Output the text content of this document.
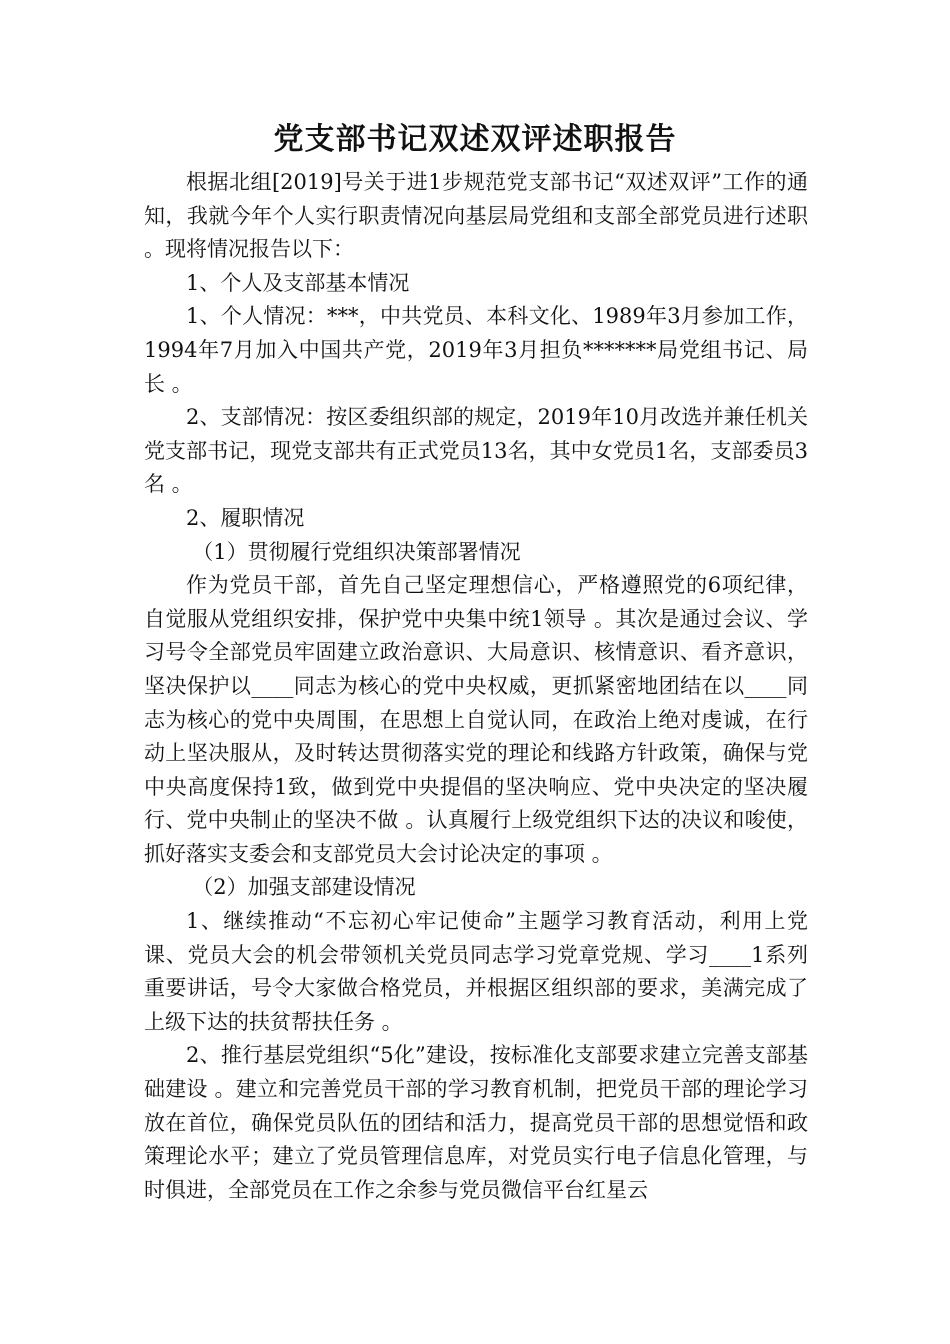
党支部书记双述双评述职报告

根据北组[2019]号关于进1步规范党支部书记“双述双评”工作的通知，我就今年个人实行职责情况向基层局党组和支部全部党员进行述职 。现将情况报告以下：

1、个人及支部基本情况

1、个人情况：***，中共党员、本科文化、1989年3月参加工作，1994年7月加入中国共产党，2019年3月担负*******局党组书记、局长 。

2、支部情况：按区委组织部的规定，2019年10月改选并兼任机关党支部书记，现党支部共有正式党员13名，其中女党员1名，支部委员3名 。

2、履职情况

（1）贯彻履行党组织决策部署情况

作为党员干部，首先自己坚定理想信心，严格遵照党的6项纪律，自觉服从党组织安排，保护党中央集中统1领导 。其次是通过会议、学习号令全部党员牢固建立政治意识、大局意识、核情意识、看齐意识，坚决保护以____同志为核心的党中央权威，更抓紧密地团结在以____同志为核心的党中央周围，在思想上自觉认同，在政治上绝对虔诚，在行动上坚决服从，及时转达贯彻落实党的理论和线路方针政策，确保与党中央高度保持1致，做到党中央提倡的坚决响应、党中央决定的坚决履行、党中央制止的坚决不做 。认真履行上级党组织下达的决议和唆使，抓好落实支委会和支部党员大会讨论决定的事项 。

（2）加强支部建设情况

1、继续推动“不忘初心牢记使命”主题学习教育活动，利用上党课、党员大会的机会带领机关党员同志学习党章党规、学习____1系列重要讲话，号令大家做合格党员，并根据区组织部的要求，美满完成了上级下达的扶贫帮扶任务 。

2、推行基层党组织“5化”建设，按标准化支部要求建立完善支部基础建设 。建立和完善党员干部的学习教育机制，把党员干部的理论学习放在首位，确保党员队伍的团结和活力，提高党员干部的思想觉悟和政策理论水平；建立了党员管理信息库，对党员实行电子信息化管理，与时俱进，全部党员在工作之余参与党员微信平台红星云
